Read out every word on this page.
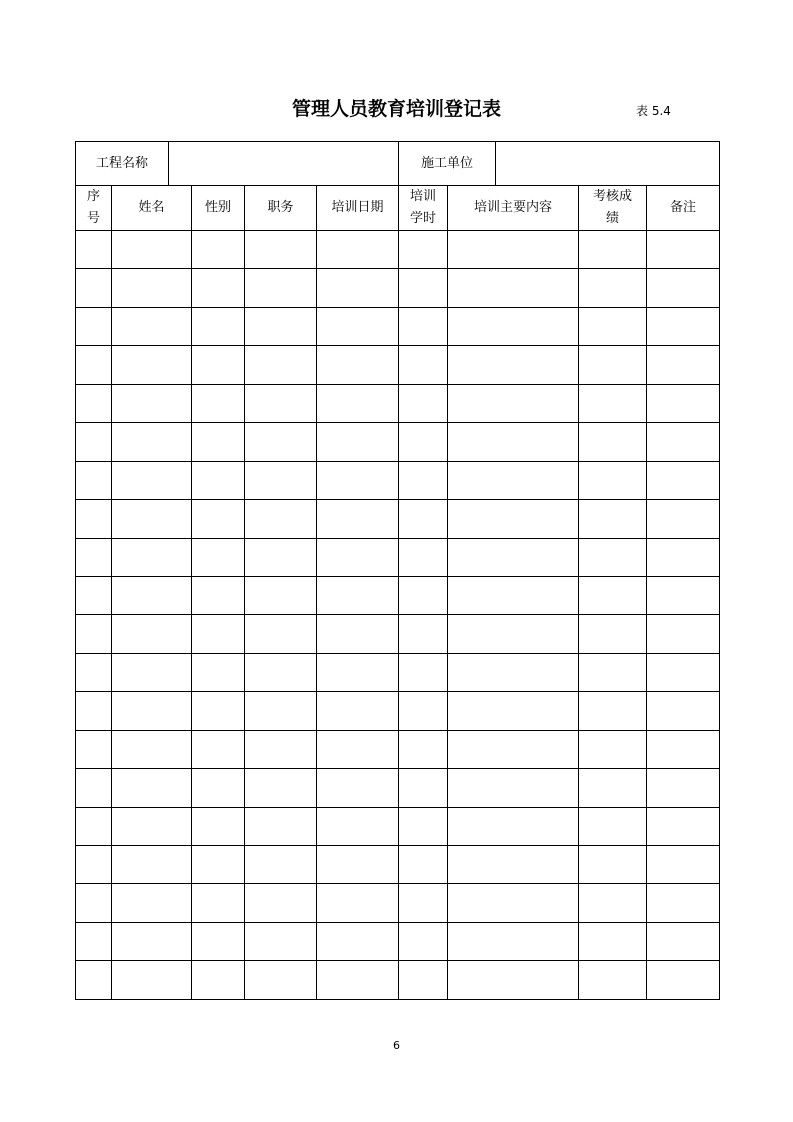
管理人员教育培训登记表	表 5.4
工程名称		施工单位	
序号	姓名	性别	职务	培训日期	培训学时	培训主要内容	考核成绩	备注

6
